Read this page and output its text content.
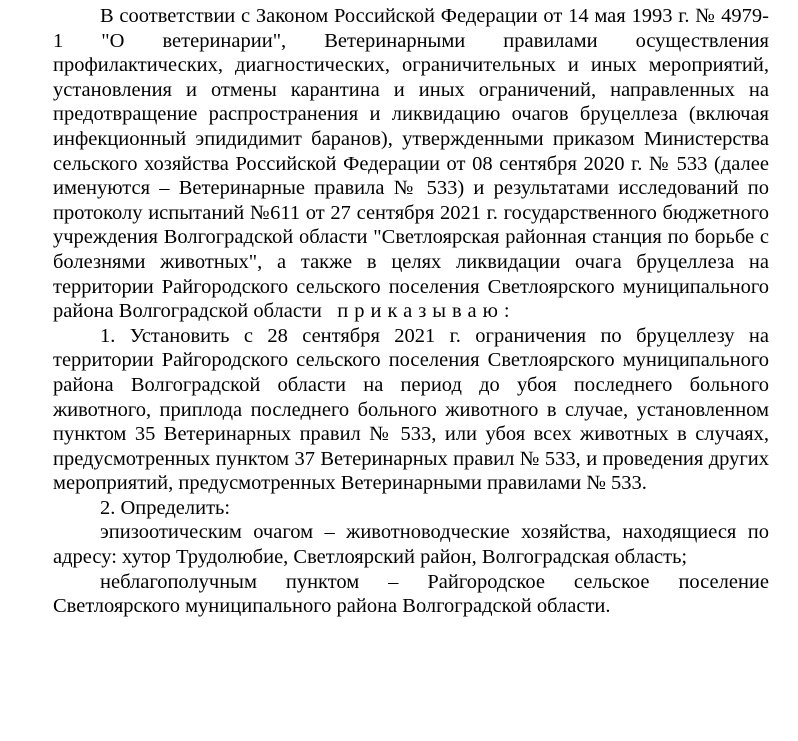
В соответствии с Законом Российской Федерации от 14 мая 1993 г. № 4979-1 "О ветеринарии", Ветеринарными правилами осуществления профилактических, диагностических, ограничительных и иных мероприятий, установления и отмены карантина и иных ограничений, направленных на предотвращение распространения и ликвидацию очагов бруцеллеза (включая инфекционный эпидидимит баранов), утвержденными приказом Министерства сельского хозяйства Российской Федерации от 08 сентября 2020 г. № 533 (далее именуются – Ветеринарные правила № 533) и результатами исследований по протоколу испытаний №611 от 27 сентября 2021 г. государственного бюджетного учреждения Волгоградской области "Светлоярская районная станция по борьбе с болезнями животных", а также в целях ликвидации очага бруцеллеза на территории Райгородского сельского поселения Светлоярского муниципального района Волгоградской области приказываю:

1. Установить с 28 сентября 2021 г. ограничения по бруцеллезу на территории Райгородского сельского поселения Светлоярского муниципального района Волгоградской области на период до убоя последнего больного животного, приплода последнего больного животного в случае, установленном пунктом 35 Ветеринарных правил № 533, или убоя всех животных в случаях, предусмотренных пунктом 37 Ветеринарных правил № 533, и проведения других мероприятий, предусмотренных Ветеринарными правилами № 533.

2. Определить:

эпизоотическим очагом – животноводческие хозяйства, находящиеся по адресу: хутор Трудолюбие, Светлоярский район, Волгоградская область;

неблагополучным пунктом – Райгородское сельское поселение Светлоярского муниципального района Волгоградской области.
